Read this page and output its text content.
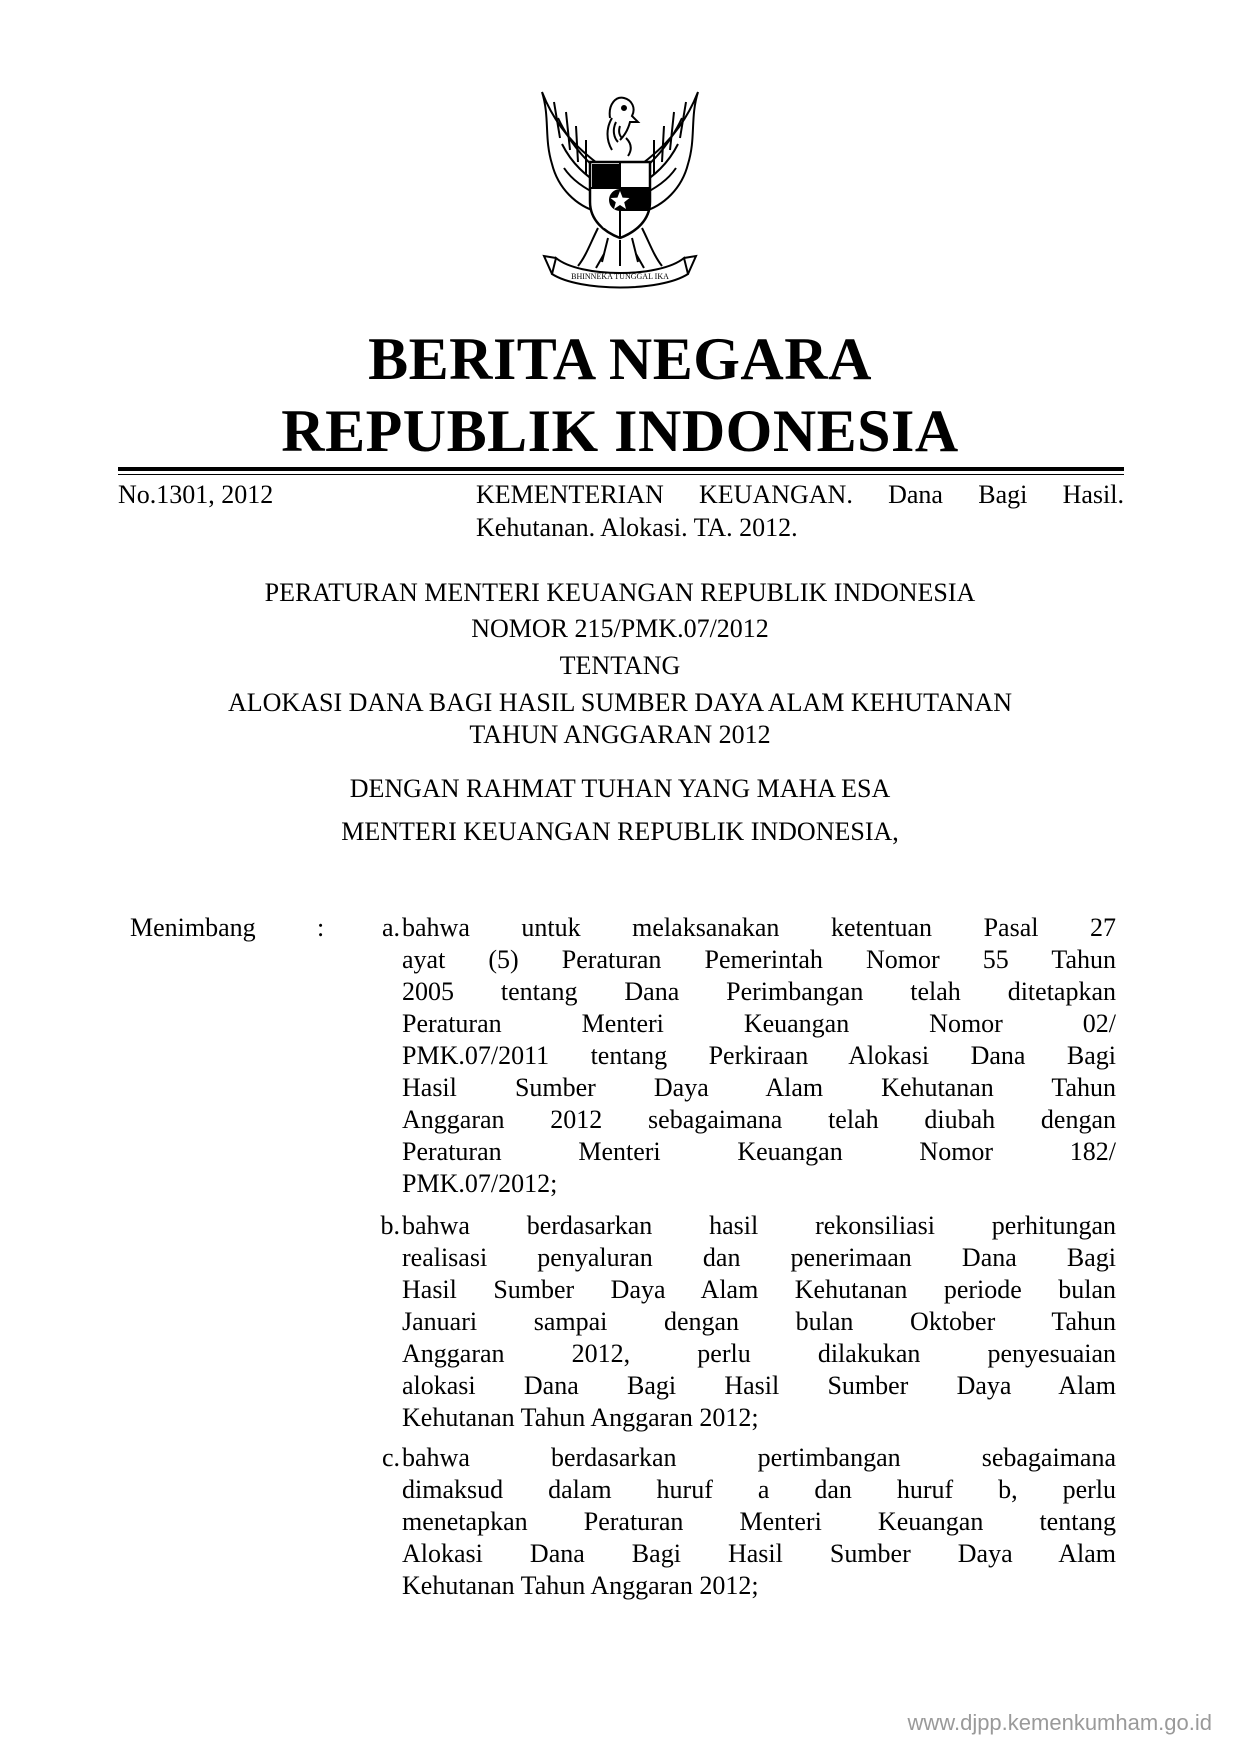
BHINNEKA TUNGGAL IKA
BERITA NEGARA
REPUBLIK INDONESIA
No.1301, 2012	KEMENTERIAN KEUANGAN. Dana Bagi Hasil.
Kehutanan. Alokasi. TA. 2012.
PERATURAN MENTERI KEUANGAN REPUBLIK INDONESIA
NOMOR 215/PMK.07/2012
TENTANG
ALOKASI DANA BAGI HASIL SUMBER DAYA ALAM KEHUTANAN
TAHUN ANGGARAN 2012
DENGAN RAHMAT TUHAN YANG MAHA ESA
MENTERI KEUANGAN REPUBLIK INDONESIA,
Menimbang :	a. bahwa untuk melaksanakan ketentuan Pasal 27
ayat (5) Peraturan Pemerintah Nomor 55 Tahun
2005 tentang Dana Perimbangan telah ditetapkan
Peraturan Menteri Keuangan Nomor 02/
PMK.07/2011 tentang Perkiraan Alokasi Dana Bagi
Hasil Sumber Daya Alam Kehutanan Tahun
Anggaran 2012 sebagaimana telah diubah dengan
Peraturan Menteri Keuangan Nomor 182/
PMK.07/2012;
b. bahwa berdasarkan hasil rekonsiliasi perhitungan
realisasi penyaluran dan penerimaan Dana Bagi
Hasil Sumber Daya Alam Kehutanan periode bulan
Januari sampai dengan bulan Oktober Tahun
Anggaran 2012, perlu dilakukan penyesuaian
alokasi Dana Bagi Hasil Sumber Daya Alam
Kehutanan Tahun Anggaran 2012;
c. bahwa berdasarkan pertimbangan sebagaimana
dimaksud dalam huruf a dan huruf b, perlu
menetapkan Peraturan Menteri Keuangan tentang
Alokasi Dana Bagi Hasil Sumber Daya Alam
Kehutanan Tahun Anggaran 2012;
www.djpp.kemenkumham.go.id
